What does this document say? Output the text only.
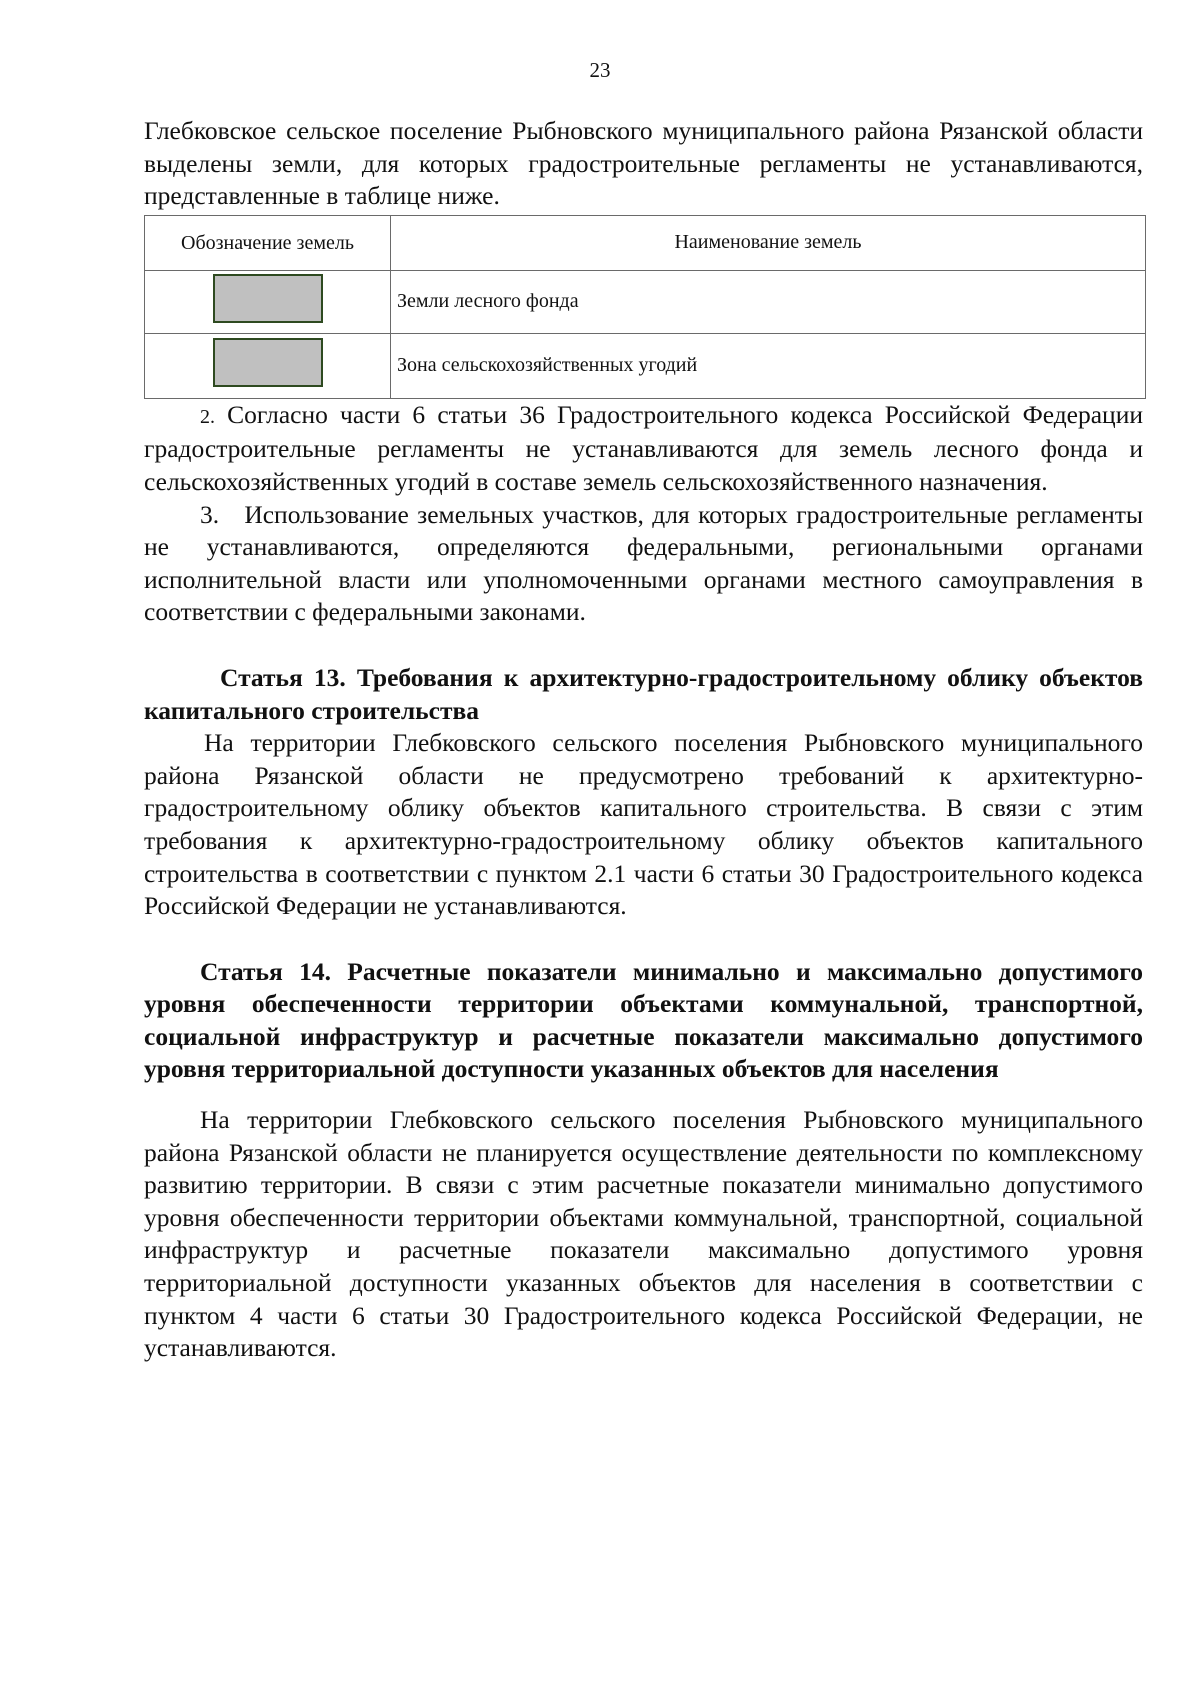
23

Глебковское сельское поселение Рыбновского муниципального района Рязанской области выделены земли, для которых градостроительные регламенты не устанавливаются, представленные в таблице ниже.

Обозначение земель	Наименование земель
	Земли лесного фонда
	Зона сельскохозяйственных угодий

2. Согласно части 6 статьи 36 Градостроительного кодекса Российской Федерации градостроительные регламенты не устанавливаются для земель лесного фонда и сельскохозяйственных угодий в составе земель сельскохозяйственного назначения.

3. Использование земельных участков, для которых градостроительные регламенты не устанавливаются, определяются федеральными, региональными органами исполнительной власти или уполномоченными органами местного самоуправления в соответствии с федеральными законами.

Статья 13. Требования к архитектурно-градостроительному облику объектов капитального строительства

На территории Глебковского сельского поселения Рыбновского муниципального района Рязанской области не предусмотрено требований к архитектурно-градостроительному облику объектов капитального строительства. В связи с этим требования к архитектурно-градостроительному облику объектов капитального строительства в соответствии с пунктом 2.1 части 6 статьи 30 Градостроительного кодекса Российской Федерации не устанавливаются.

Статья 14. Расчетные показатели минимально и максимально допустимого уровня обеспеченности территории объектами коммунальной, транспортной, социальной инфраструктур и расчетные показатели максимально допустимого уровня территориальной доступности указанных объектов для населения

На территории Глебковского сельского поселения Рыбновского муниципального района Рязанской области не планируется осуществление деятельности по комплексному развитию территории. В связи с этим расчетные показатели минимально допустимого уровня обеспеченности территории объектами коммунальной, транспортной, социальной инфраструктур и расчетные показатели максимально допустимого уровня территориальной доступности указанных объектов для населения в соответствии с пунктом 4 части 6 статьи 30 Градостроительного кодекса Российской Федерации, не устанавливаются.
